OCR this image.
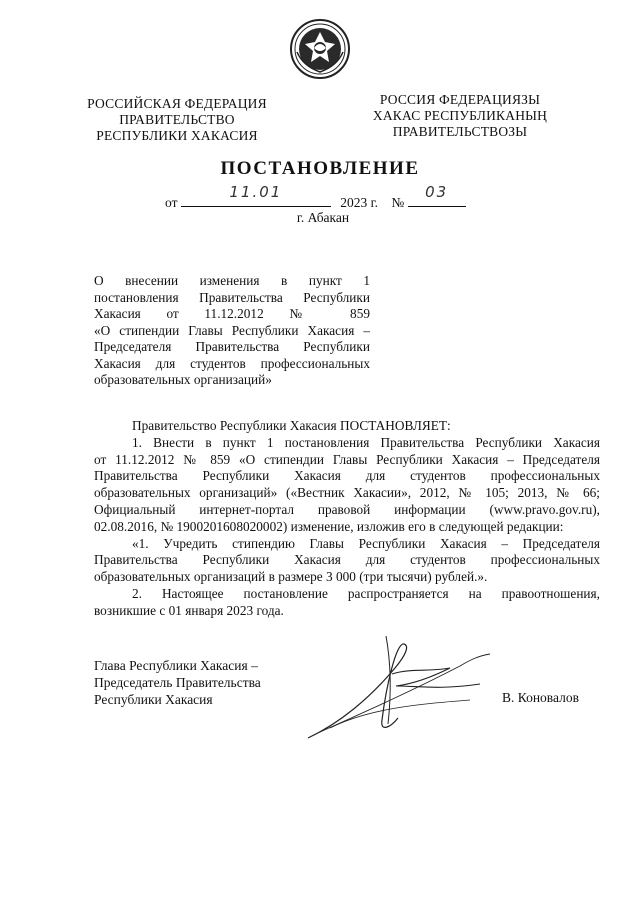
РОССИЙСКАЯ ФЕДЕРАЦИЯ
ПРАВИТЕЛЬСТВО
РЕСПУБЛИКИ ХАКАСИЯ
РОССИЯ ФЕДЕРАЦИЯЗЫ
ХАКАС РЕСПУБЛИКАНЫҢ
ПРАВИТЕЛЬСТВОЗЫ
ПОСТАНОВЛЕНИЕ
от
11.01
2023 г. №
03
г. Абакан
О внесении изменения в пункт 1
постановления Правительства Республики
Хакасия от 11.12.2012 № 859
«О стипендии Главы Республики Хакасия –
Председателя Правительства Республики
Хакасия для студентов профессиональных
образовательных организаций»
Правительство Республики Хакасия ПОСТАНОВЛЯЕТ:
1. Внести в пункт 1 постановления Правительства Республики Хакасия
от 11.12.2012 № 859 «О стипендии Главы Республики Хакасия – Председателя
Правительства Республики Хакасия для студентов профессиональных
образовательных организаций» («Вестник Хакасии», 2012, № 105; 2013, № 66;
Официальный интернет-портал правовой информации (www.pravo.gov.ru),
02.08.2016, № 1900201608020002) изменение, изложив его в следующей редакции:
«1. Учредить стипендию Главы Республики Хакасия – Председателя
Правительства Республики Хакасия для студентов профессиональных
образовательных организаций в размере 3 000 (три тысячи) рублей.».
2. Настоящее постановление распространяется на правоотношения,
возникшие с 01 января 2023 года.
Глава Республики Хакасия –
Председатель Правительства
Республики Хакасия	В. Коновалов
